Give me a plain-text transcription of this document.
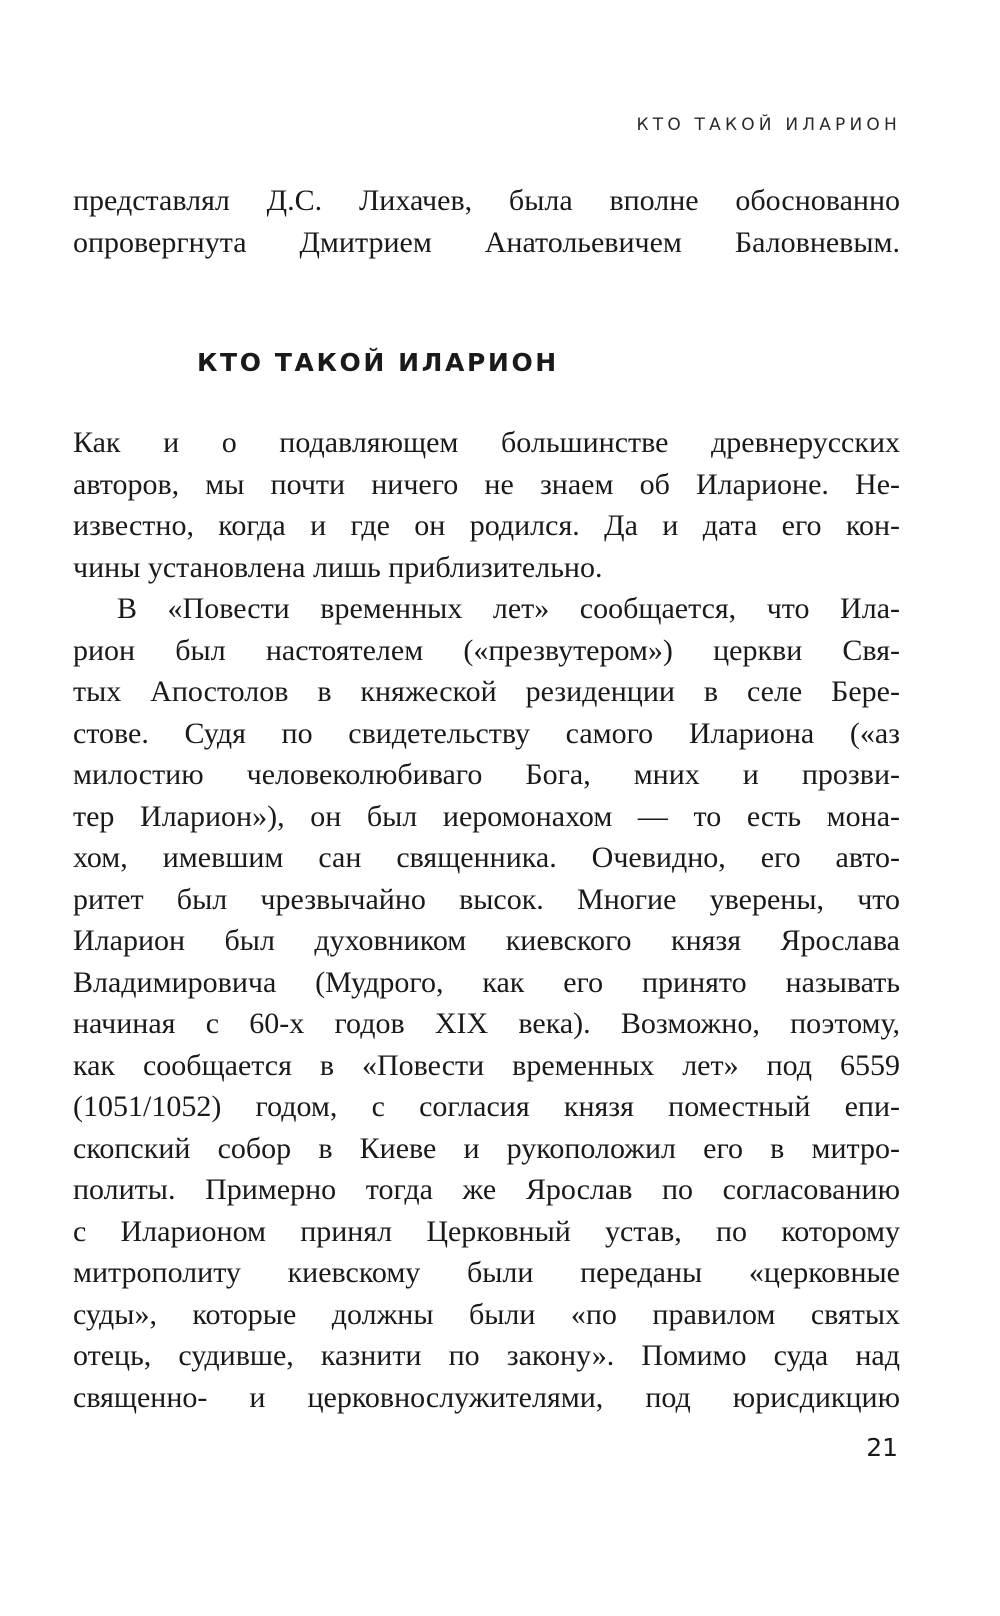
КТО ТАКОЙ ИЛАРИОН
представлял Д.С. Лихачев, была вполне обоснованно
опровергнута Дмитрием Анатольевичем Баловневым.
КТО ТАКОЙ ИЛАРИОН
Как и о подавляющем большинстве древнерусских
авторов, мы почти ничего не знаем об Иларионе. Не-
известно, когда и где он родился. Да и дата его кон-
чины установлена лишь приблизительно.
В «Повести временных лет» сообщается, что Ила-
рион был настоятелем («презвутером») церкви Свя-
тых Апостолов в княжеской резиденции в селе Бере-
стове. Судя по свидетельству самого Илариона («аз
милостию человеколюбиваго Бога, мних и прозви-
тер Иларион»), он был иеромонахом — то есть мона-
хом, имевшим сан священника. Очевидно, его авто-
ритет был чрезвычайно высок. Многие уверены, что
Иларион был духовником киевского князя Ярослава
Владимировича (Мудрого, как его принято называть
начиная с 60-х годов XIX века). Возможно, поэтому,
как сообщается в «Повести временных лет» под 6559
(1051/1052) годом, с согласия князя поместный епи-
скопский собор в Киеве и рукоположил его в митро-
политы. Примерно тогда же Ярослав по согласованию
с Иларионом принял Церковный устав, по которому
митрополиту киевскому были переданы «церковные
суды», которые должны были «по правилом святых
отець, судивше, казнити по закону». Помимо суда над
священно- и церковнослужителями, под юрисдикцию
21
